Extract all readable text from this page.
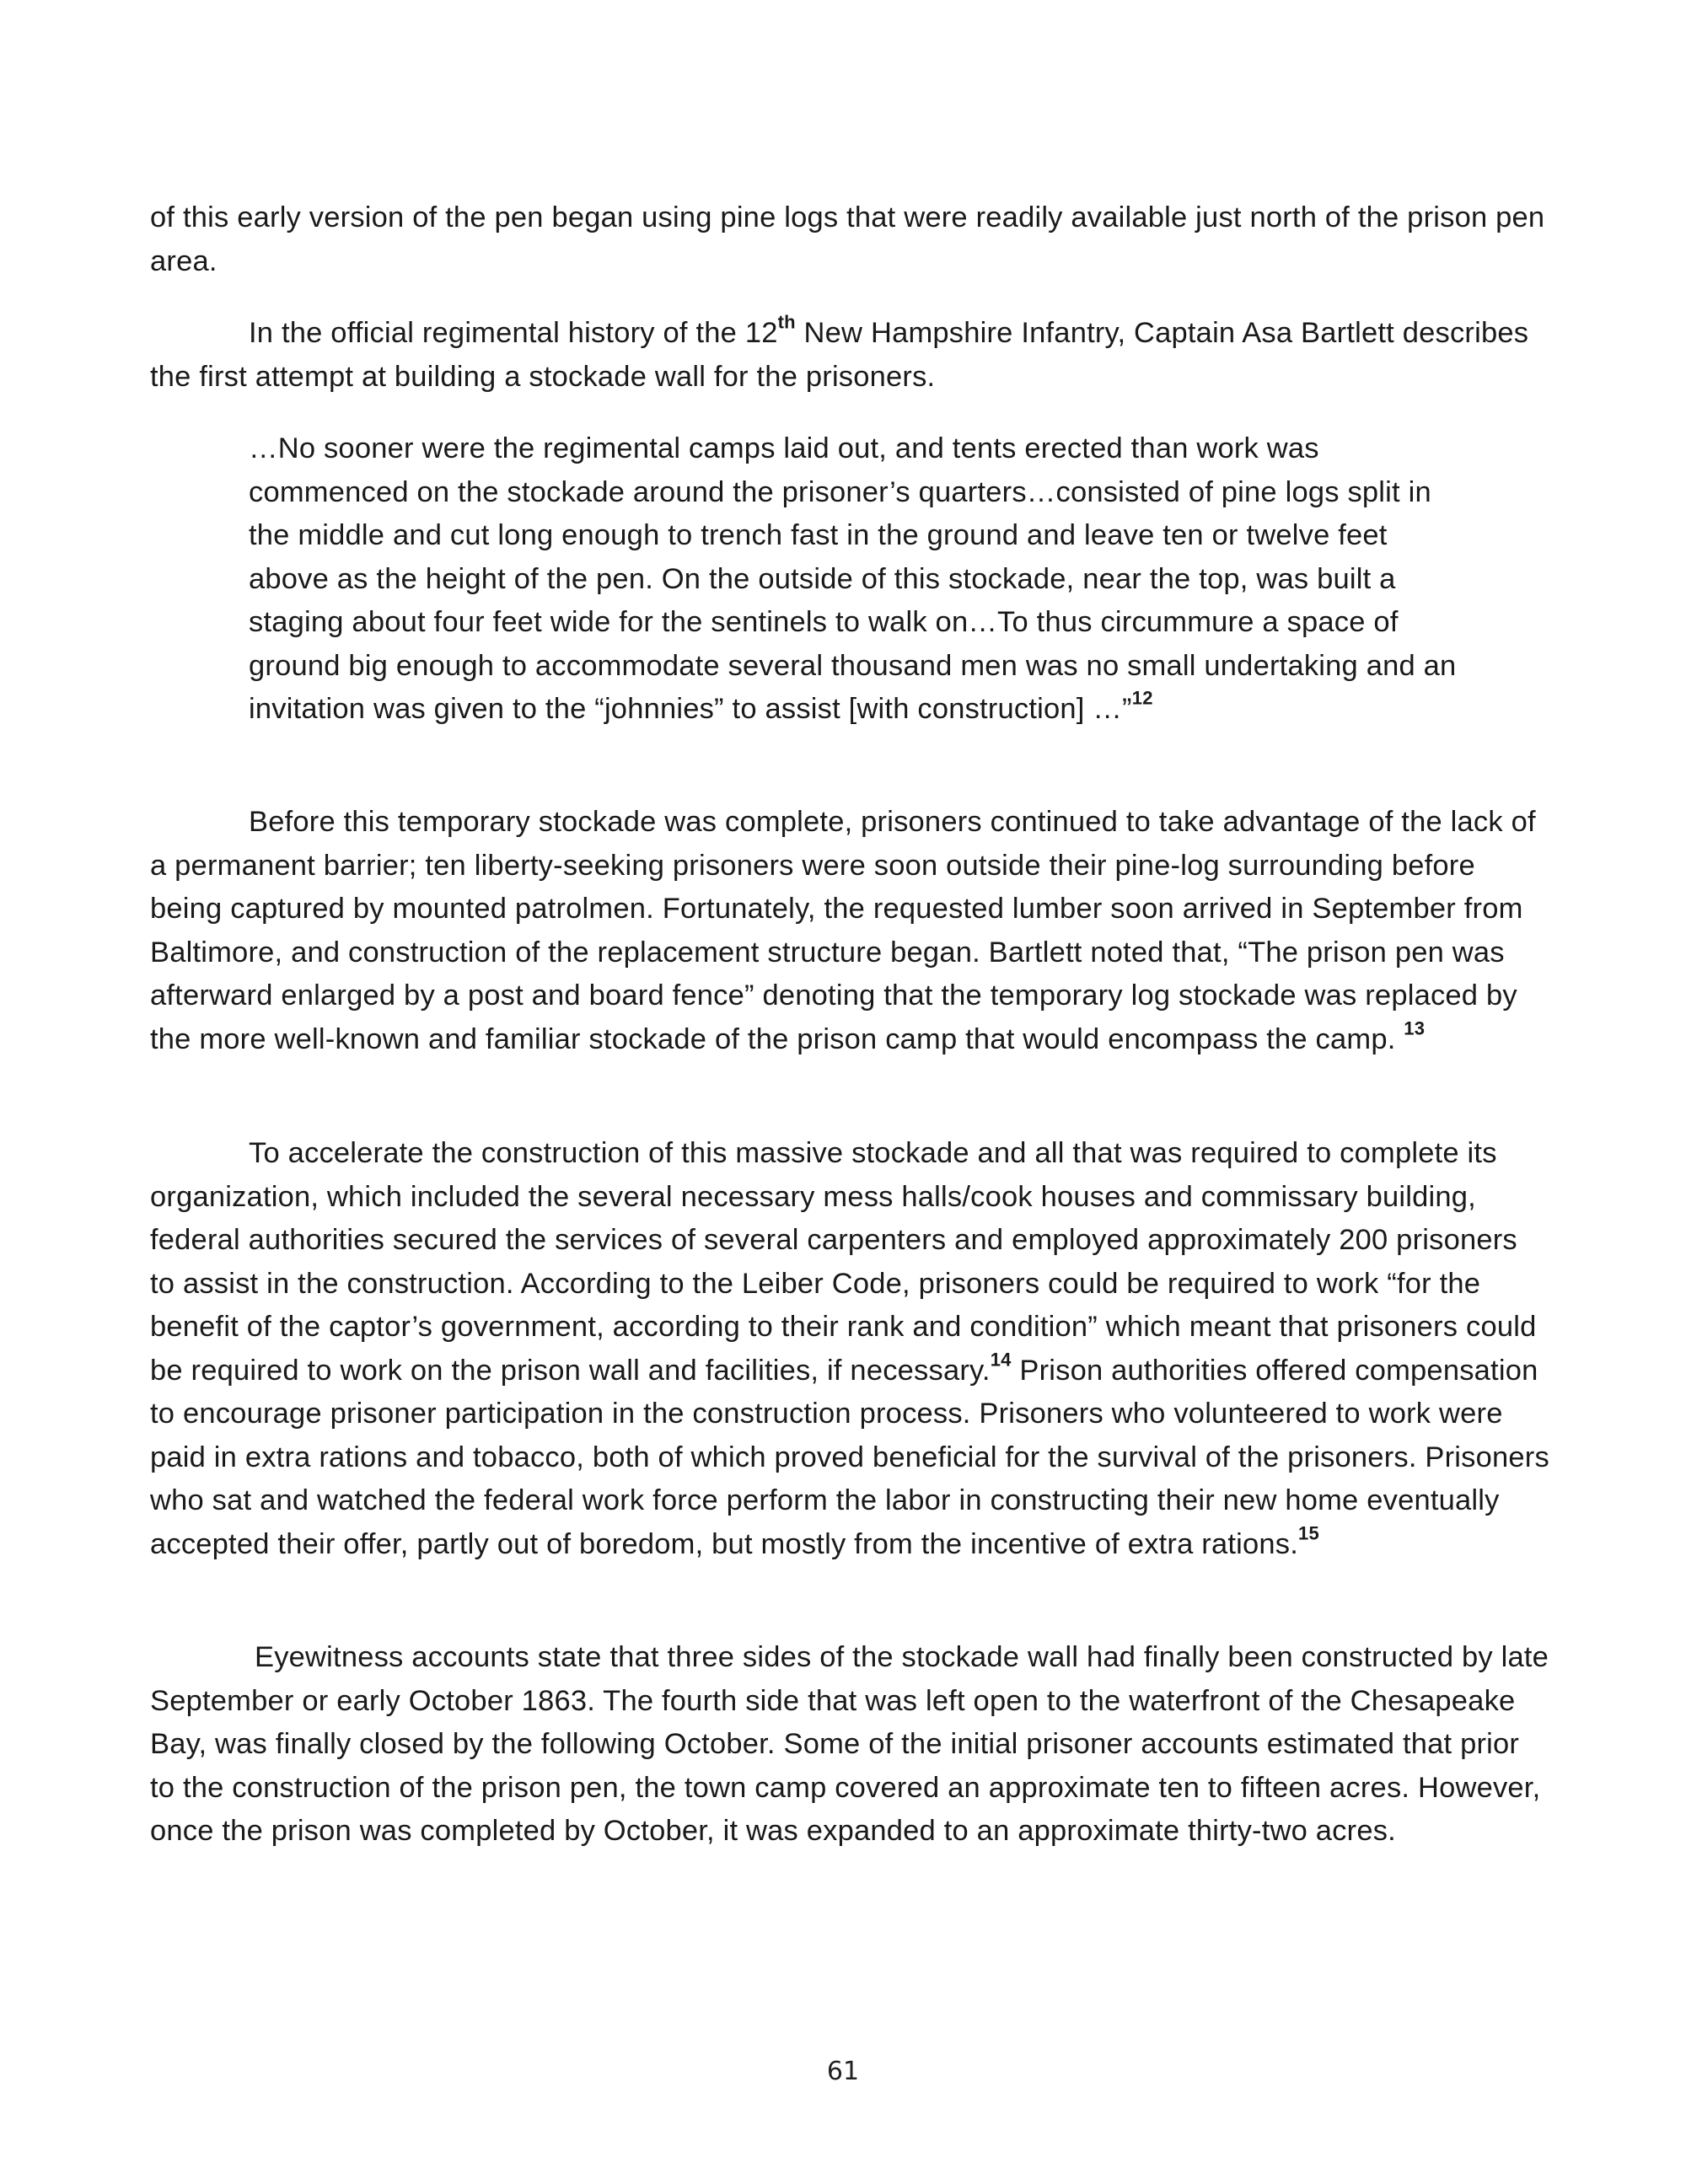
of this early version of the pen began using pine logs that were readily available just north of the prison pen area.

In the official regimental history of the 12th New Hampshire Infantry, Captain Asa Bartlett describes the first attempt at building a stockade wall for the prisoners.

…No sooner were the regimental camps laid out, and tents erected than work was commenced on the stockade around the prisoner’s quarters…consisted of pine logs split in the middle and cut long enough to trench fast in the ground and leave ten or twelve feet above as the height of the pen. On the outside of this stockade, near the top, was built a staging about four feet wide for the sentinels to walk on…To thus circummure a space of ground big enough to accommodate several thousand men was no small undertaking and an invitation was given to the “johnnies” to assist [with construction] …”$^{12}$

Before this temporary stockade was complete, prisoners continued to take advantage of the lack of a permanent barrier; ten liberty-seeking prisoners were soon outside their pine-log surrounding before being captured by mounted patrolmen. Fortunately, the requested lumber soon arrived in September from Baltimore, and construction of the replacement structure began. Bartlett noted that, “The prison pen was afterward enlarged by a post and board fence” denoting that the temporary log stockade was replaced by the more well-known and familiar stockade of the prison camp that would encompass the camp. $^{13}$

To accelerate the construction of this massive stockade and all that was required to complete its organization, which included the several necessary mess halls/cook houses and commissary building, federal authorities secured the services of several carpenters and employed approximately 200 prisoners to assist in the construction. According to the Leiber Code, prisoners could be required to work “for the benefit of the captor’s government, according to their rank and condition” which meant that prisoners could be required to work on the prison wall and facilities, if necessary.$^{14}$ Prison authorities offered compensation to encourage prisoner participation in the construction process. Prisoners who volunteered to work were paid in extra rations and tobacco, both of which proved beneficial for the survival of the prisoners. Prisoners who sat and watched the federal work force perform the labor in constructing their new home eventually accepted their offer, partly out of boredom, but mostly from the incentive of extra rations.$^{15}$

Eyewitness accounts state that three sides of the stockade wall had finally been constructed by late September or early October 1863. The fourth side that was left open to the waterfront of the Chesapeake Bay, was finally closed by the following October. Some of the initial prisoner accounts estimated that prior to the construction of the prison pen, the town camp covered an approximate ten to fifteen acres. However, once the prison was completed by October, it was expanded to an approximate thirty-two acres.

61
